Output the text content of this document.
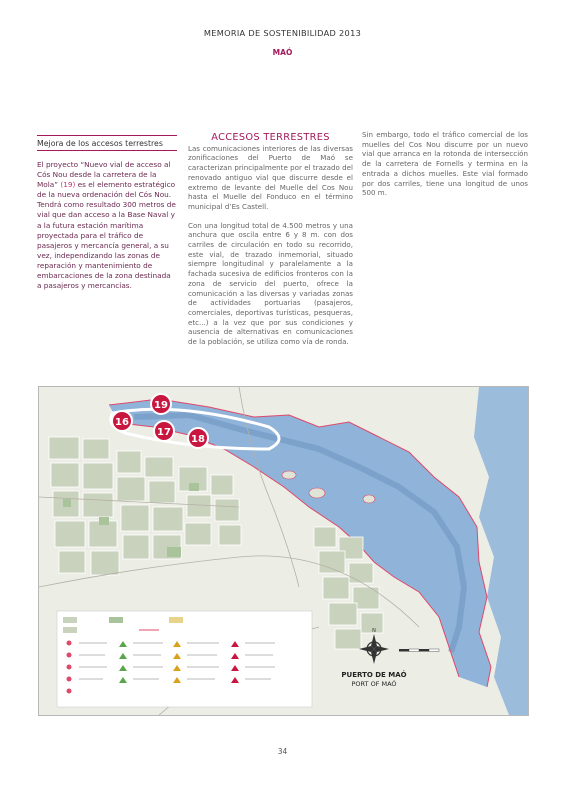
MEMORIA DE SOSTENIBILIDAD 2013
MAÓ
Mejora de los accesos terrestres
El proyecto “Nuevo vial de acceso al Cós Nou desde la carretera de la Mola” (19) es el elemento estratégico de la nueva ordenación del Cós Nou. Tendrá como resultado 300 metros de vial que dan acceso a la Base Naval y a la futura estación marítima proyectada para el tráfico de pasajeros y mercancía general, a su vez, independizando las zonas de reparación y mantenimiento de embarcaciones de la zona destinada a pasajeros y mercancías.
ACCESOS TERRESTRES

Las comunicaciones interiores de las diversas zonificaciones del Puerto de Maó se caracterizan principalmente por el trazado del renovado antiguo vial que discurre desde el extremo de levante del Muelle del Cos Nou hasta el Muelle del Fonduco en el término municipal d’Es Castell.

Con una longitud total de 4.500 metros y una anchura que oscila entre 6 y 8 m. con dos carriles de circulación en todo su recorrido, este vial, de trazado inmemorial, situado siempre longitudinal y paralelamente a la fachada sucesiva de edificios fronteros con la zona de servicio del puerto, ofrece la comunicación a las diversas y variadas zonas de actividades portuarias (pasajeros, comerciales, deportivas turísticas, pesqueras, etc...) a la vez que por sus condiciones y ausencia de alternativas en comunicaciones de la población, se utiliza como vía de ronda.

Sin embargo, todo el tráfico comercial de los muelles del Cos Nou discurre por un nuevo vial que arranca en la rotonda de intersección de la carretera de Fornells y termina en la entrada a dichos muelles. Este vial formado por dos carriles, tiene una longitud de unos 500 m.

19
16
17
18
N
PUERTO DE MAÓ
PORT OF MAÓ
34
